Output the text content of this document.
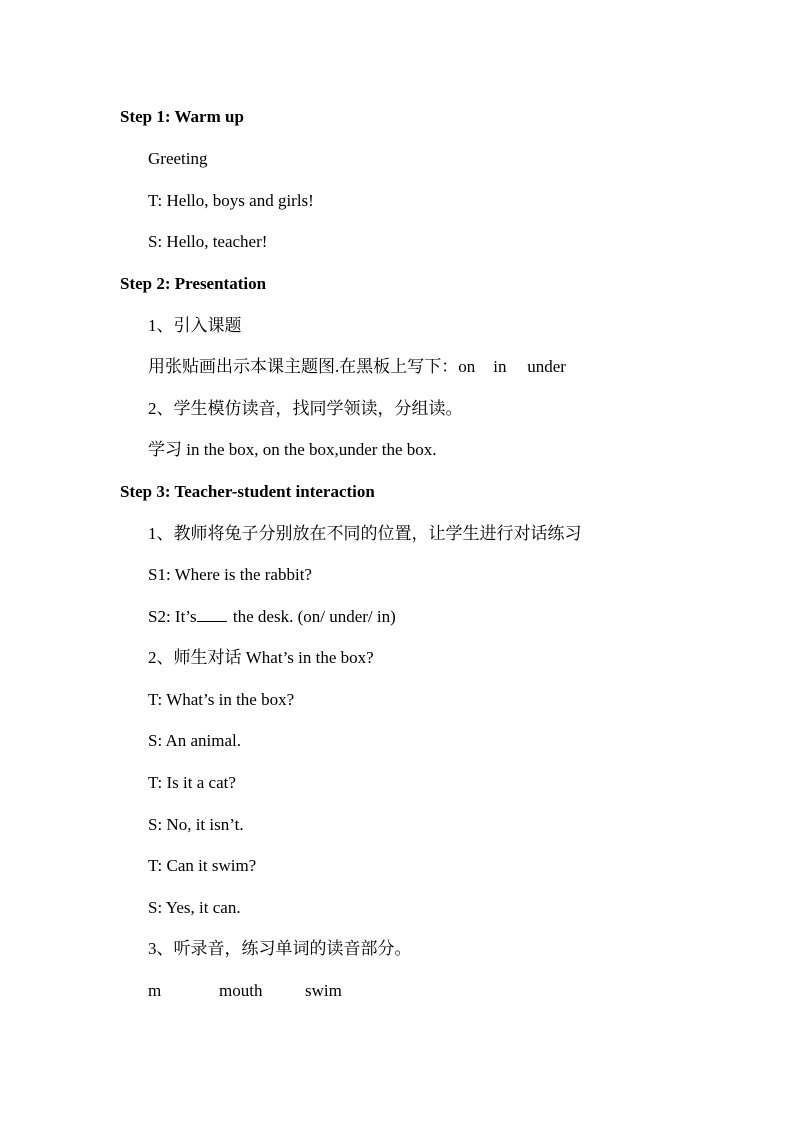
Step 1: Warm up
Greeting
T: Hello, boys and girls!
S: Hello, teacher!
Step 2: Presentation
1、引入课题
用张贴画出示本课主题图.在黑板上写下：on in under
2、学生模仿读音，找同学领读，分组读。
学习 in the box, on the box,under the box.
Step 3: Teacher-student interaction
1、教师将兔子分别放在不同的位置，让学生进行对话练习
S1: Where is the rabbit?
S2: It’s the desk. (on/ under/ in)
2、师生对话 What’s in the box?
T: What’s in the box?
S: An animal.
T: Is it a cat?
S: No, it isn’t.
T: Can it swim?
S: Yes, it can.
3、听录音，练习单词的读音部分。
m	mouth	swim
